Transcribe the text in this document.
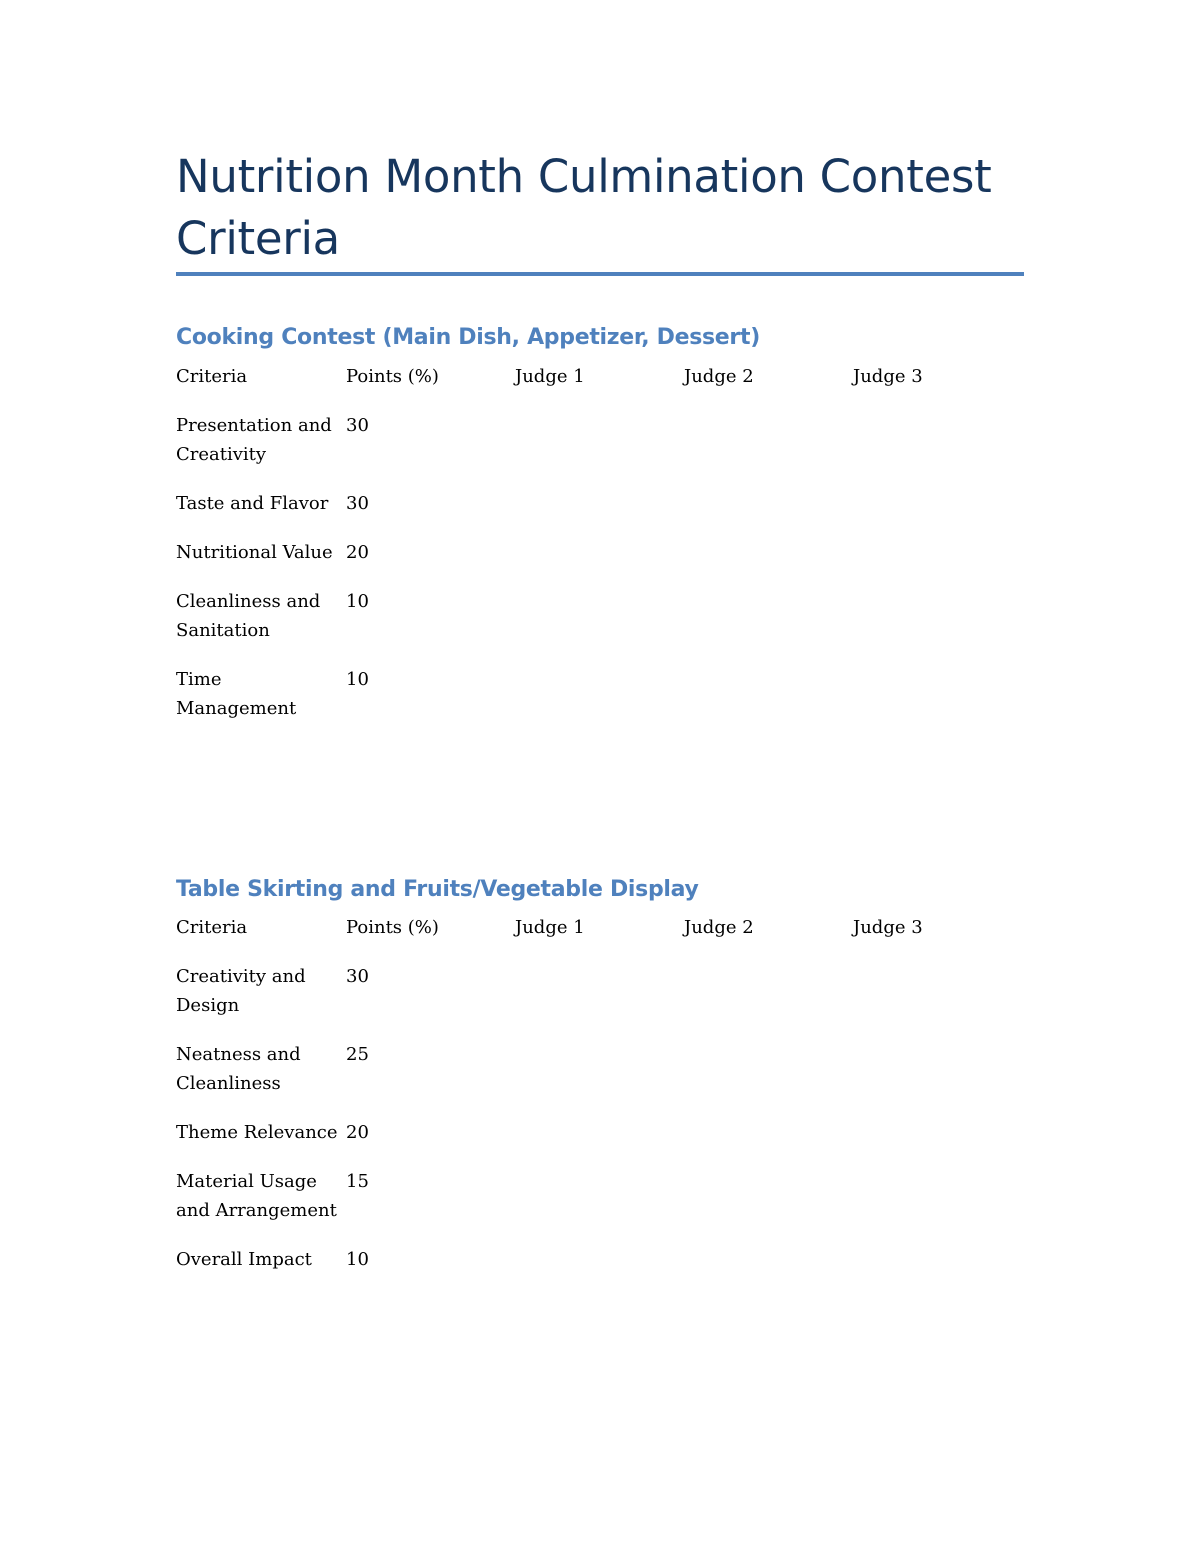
Nutrition Month Culmination Contest Criteria
Cooking Contest (Main Dish, Appetizer, Dessert)
Criteria	Points (%)	Judge 1	Judge 2	Judge 3
Presentation and Creativity	30			
Taste and Flavor	30			
Nutritional Value	20			
Cleanliness and Sanitation	10			
Time Management	10			
Table Skirting and Fruits/Vegetable Display
Criteria	Points (%)	Judge 1	Judge 2	Judge 3
Creativity and Design	30			
Neatness and Cleanliness	25			
Theme Relevance	20			
Material Usage and Arrangement	15			
Overall Impact	10			
